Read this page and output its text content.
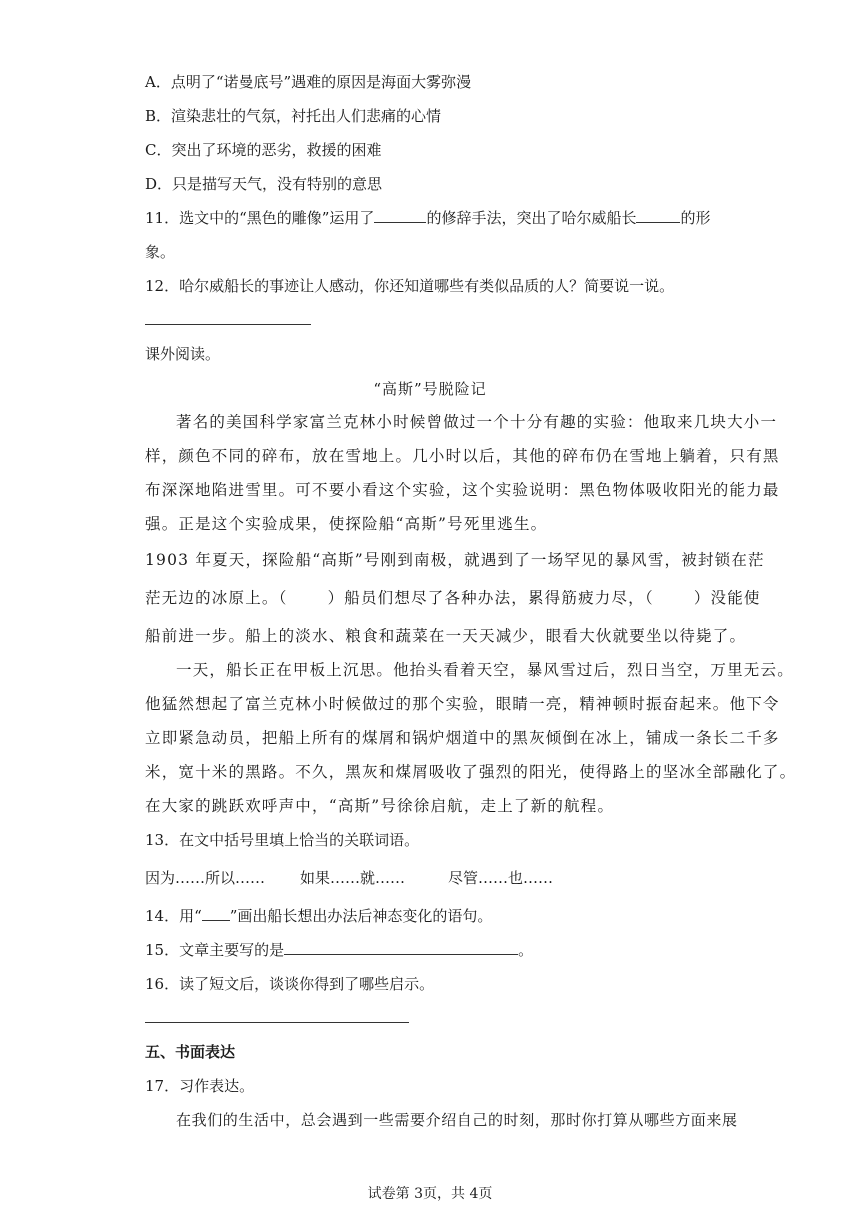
A．点明了“诺曼底号”遇难的原因是海面大雾弥漫
B．渲染悲壮的气氛，衬托出人们悲痛的心情
C．突出了环境的恶劣，救援的困难
D．只是描写天气，没有特别的意思
11．选文中的“黑色的雕像”运用了	的修辞手法，突出了哈尔威船长	的形
象。
12．哈尔威船长的事迹让人感动，你还知道哪些有类似品质的人？简要说一说。
课外阅读。
“高斯”号脱险记
著名的美国科学家富兰克林小时候曾做过一个十分有趣的实验：他取来几块大小一
样，颜色不同的碎布，放在雪地上。几小时以后，其他的碎布仍在雪地上躺着，只有黑
布深深地陷进雪里。可不要小看这个实验，这个实验说明：黑色物体吸收阳光的能力最
强。正是这个实验成果，使探险船“高斯”号死里逃生。
1903 年夏天，探险船“高斯”号刚到南极，就遇到了一场罕见的暴风雪，被封锁在茫
茫无边的冰原上。（	）船员们想尽了各种办法，累得筋疲力尽，（	）没能使
船前进一步。船上的淡水、粮食和蔬菜在一天天减少，眼看大伙就要坐以待毙了。
一天，船长正在甲板上沉思。他抬头看着天空，暴风雪过后，烈日当空，万里无云。
他猛然想起了富兰克林小时候做过的那个实验，眼睛一亮，精神顿时振奋起来。他下令
立即紧急动员，把船上所有的煤屑和锅炉烟道中的黑灰倾倒在冰上，铺成一条长二千多
米，宽十米的黑路。不久，黑灰和煤屑吸收了强烈的阳光，使得路上的坚冰全部融化了。
在大家的跳跃欢呼声中，“高斯”号徐徐启航，走上了新的航程。
13．在文中括号里填上恰当的关联词语。
因为……所以…… 如果……就……	尽管……也……
14．用“ ”画出船长想出办法后神态变化的语句。
15．文章主要写的是	。
16．读了短文后，谈谈你得到了哪些启示。
五、书面表达
17．习作表达。
在我们的生活中，总会遇到一些需要介绍自己的时刻，那时你打算从哪些方面来展
试卷第 3页，共 4页
